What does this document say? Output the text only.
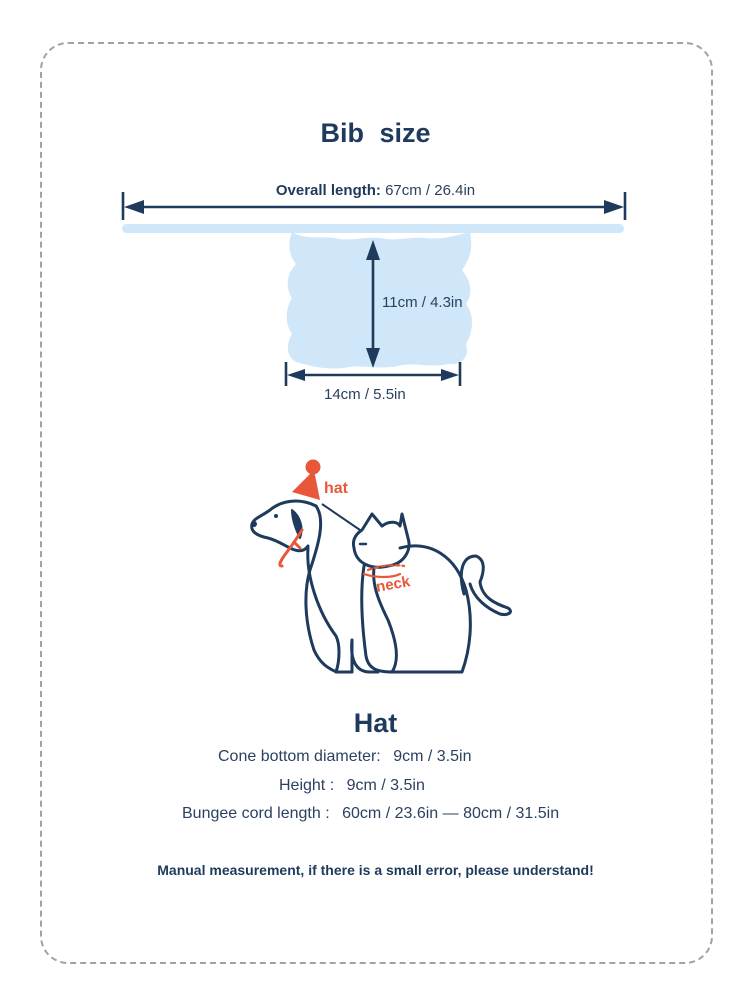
Bib size
Overall length: 67cm / 26.4in
11cm / 4.3in
14cm / 5.5in
hat
neck
Hat
Cone bottom diameter: 9cm / 3.5in
Height : 9cm / 3.5in
Bungee cord length : 60cm / 23.6in — 80cm / 31.5in
Manual measurement, if there is a small error, please understand!
